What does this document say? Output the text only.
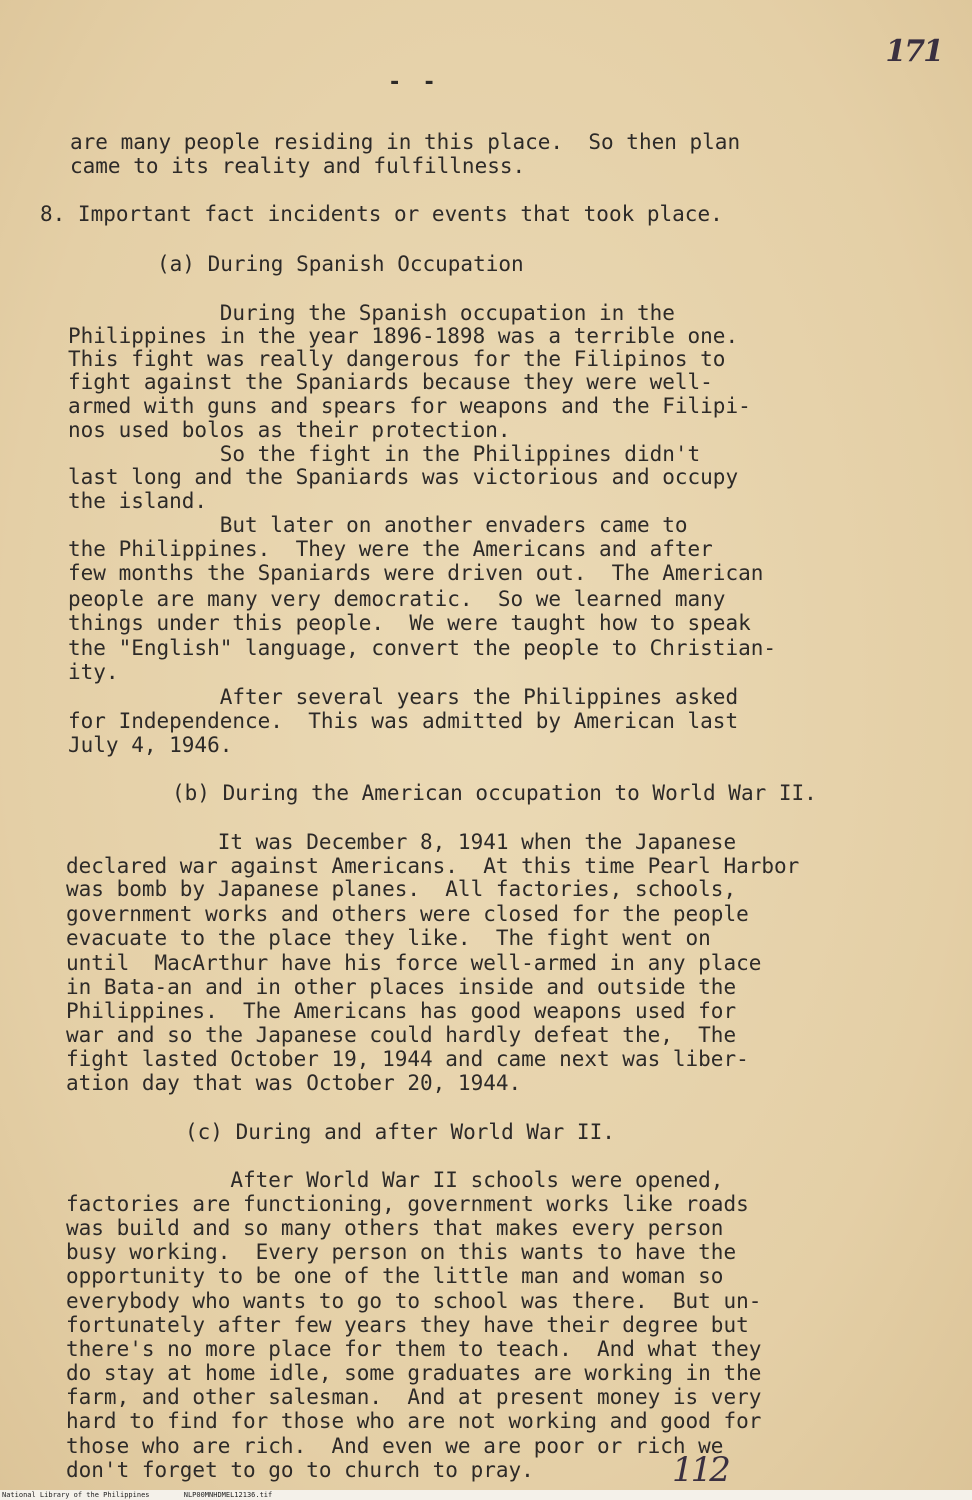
171
- -
are many people residing in this place.  So then plan
came to its reality and fulfillness.
8. Important fact incidents or events that took place.
(a) During Spanish Occupation
During the Spanish occupation in the
Philippines in the year 1896-1898 was a terrible one.
This fight was really dangerous for the Filipinos to
fight against the Spaniards because they were well-
armed with guns and spears for weapons and the Filipi-
nos used bolos as their protection.
So the fight in the Philippines didn't
last long and the Spaniards was victorious and occupy
the island.
But later on another envaders came to
the Philippines.  They were the Americans and after
few months the Spaniards were driven out.  The American
people are many very democratic.  So we learned many
things under this people.  We were taught how to speak
the "English" language, convert the people to Christian-
ity.
After several years the Philippines asked
for Independence.  This was admitted by American last
July 4, 1946.
(b) During the American occupation to World War II.
It was December 8, 1941 when the Japanese
declared war against Americans.  At this time Pearl Harbor
was bomb by Japanese planes.  All factories, schools,
government works and others were closed for the people
evacuate to the place they like.  The fight went on
until  MacArthur have his force well-armed in any place
in Bata-an and in other places inside and outside the
Philippines.  The Americans has good weapons used for
war and so the Japanese could hardly defeat the,  The
fight lasted October 19, 1944 and came next was liber-
ation day that was October 20, 1944.
(c) During and after World War II.
After World War II schools were opened,
factories are functioning, government works like roads
was build and so many others that makes every person
busy working.  Every person on this wants to have the
opportunity to be one of the little man and woman so
everybody who wants to go to school was there.  But un-
fortunately after few years they have their degree but
there's no more place for them to teach.  And what they
do stay at home idle, some graduates are working in the
farm, and other salesman.  And at present money is very
hard to find for those who are not working and good for
those who are rich.  And even we are poor or rich we
don't forget to go to church to pray.	112
National Library of the Philippines	NLP00MNHDMEL12136.tif
